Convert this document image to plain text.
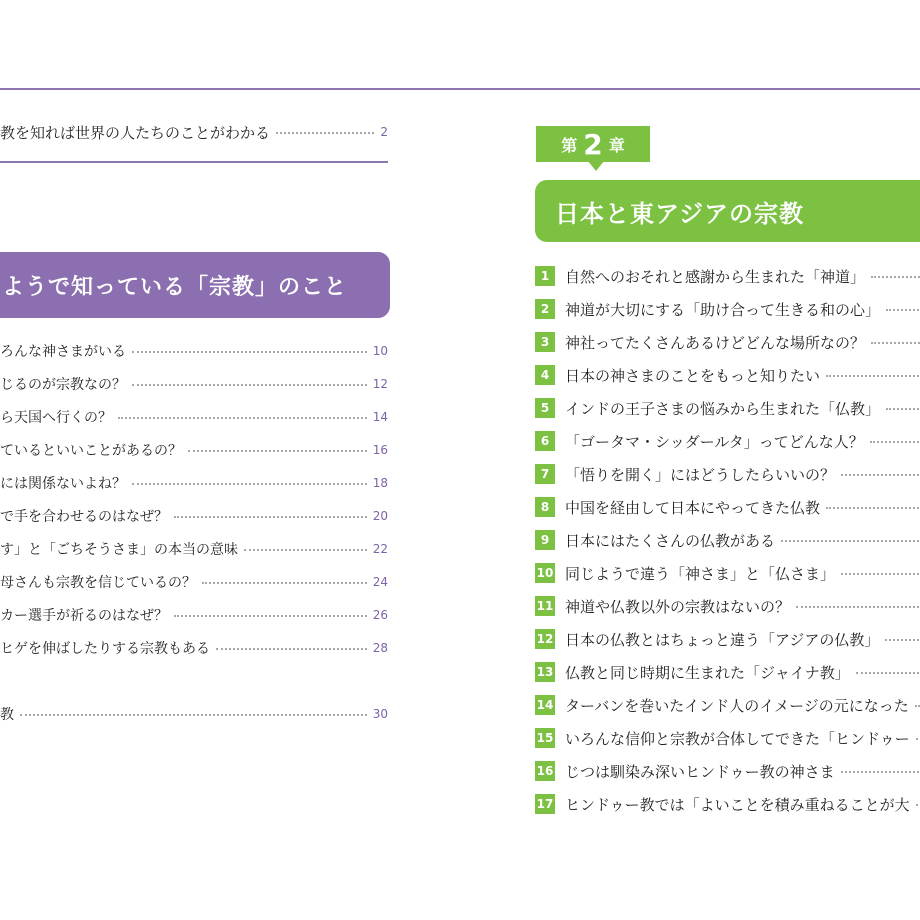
教を知れば世界の人たちのことがわかる	2
ようで知っている「宗教」のこと
第 2 章
日本と東アジアの宗教
ろんな神さまがいる	10
じるのが宗教なの？	12
ら天国へ行くの？	14
ているといいことがあるの？	16
には関係ないよね？	18
で手を合わせるのはなぜ？	20
す」と「ごちそうさま」の本当の意味	22
母さんも宗教を信じているの？	24
カー選手が祈るのはなぜ？	26
ヒゲを伸ばしたりする宗教もある	28
教	30
1	自然へのおそれと感謝から生まれた「神道」
2	神道が大切にする「助け合って生きる和の心」
3	神社ってたくさんあるけどどんな場所なの？
4	日本の神さまのことをもっと知りたい
5	インドの王子さまの悩みから生まれた「仏教」
6	「ゴータマ・シッダールタ」ってどんな人？
7	「悟りを開く」にはどうしたらいいの？
8	中国を経由して日本にやってきた仏教
9	日本にはたくさんの仏教がある
10 同じようで違う「神さま」と「仏さま」
11 神道や仏教以外の宗教はないの？
12 日本の仏教とはちょっと違う「アジアの仏教」
13 仏教と同じ時期に生まれた「ジャイナ教」
14 ターバンを巻いたインド人のイメージの元になった
15 いろんな信仰と宗教が合体してできた「ヒンドゥー
16 じつは馴染み深いヒンドゥー教の神さま
17 ヒンドゥー教では「よいことを積み重ねることが大
